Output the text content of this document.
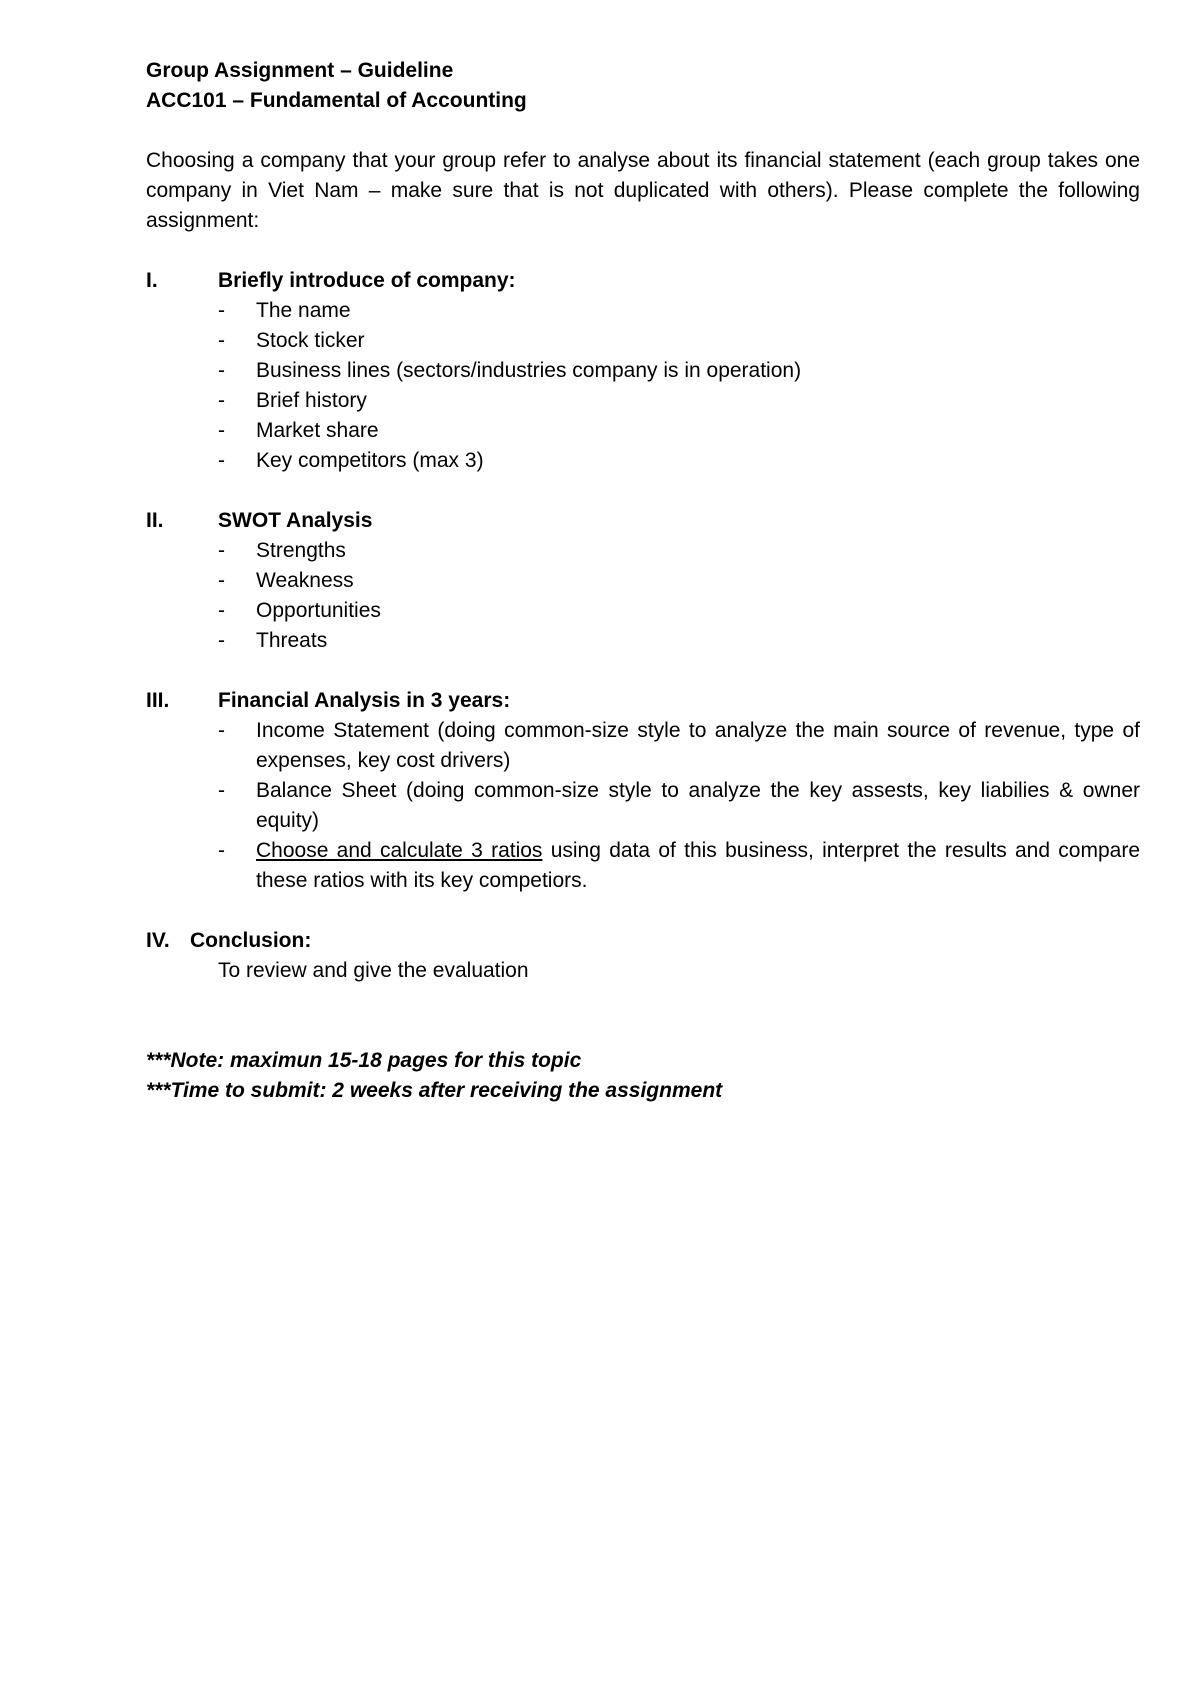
Group Assignment – Guideline

ACC101 – Fundamental of Accounting

Choosing a company that your group refer to analyse about its financial statement (each group takes one company in Viet Nam – make sure that is not duplicated with others). Please complete the following assignment:

I.	Briefly introduce of company:
-	The name
-	Stock ticker
-	Business lines (sectors/industries company is in operation)
-	Brief history
-	Market share
-	Key competitors (max 3)
II.	SWOT Analysis
-	Strengths
-	Weakness
-	Opportunities
-	Threats
III.	Financial Analysis in 3 years:
-	Income Statement (doing common-size style to analyze the main source of revenue, type of expenses, key cost drivers)
-	Balance Sheet (doing common-size style to analyze the key assests, key liabilies & owner equity)
-	Choose and calculate 3 ratios using data of this business, interpret the results and compare these ratios with its key competiors.
IV. Conclusion:

To review and give the evaluation

***Note: maximun 15-18 pages for this topic

***Time to submit: 2 weeks after receiving the assignment
